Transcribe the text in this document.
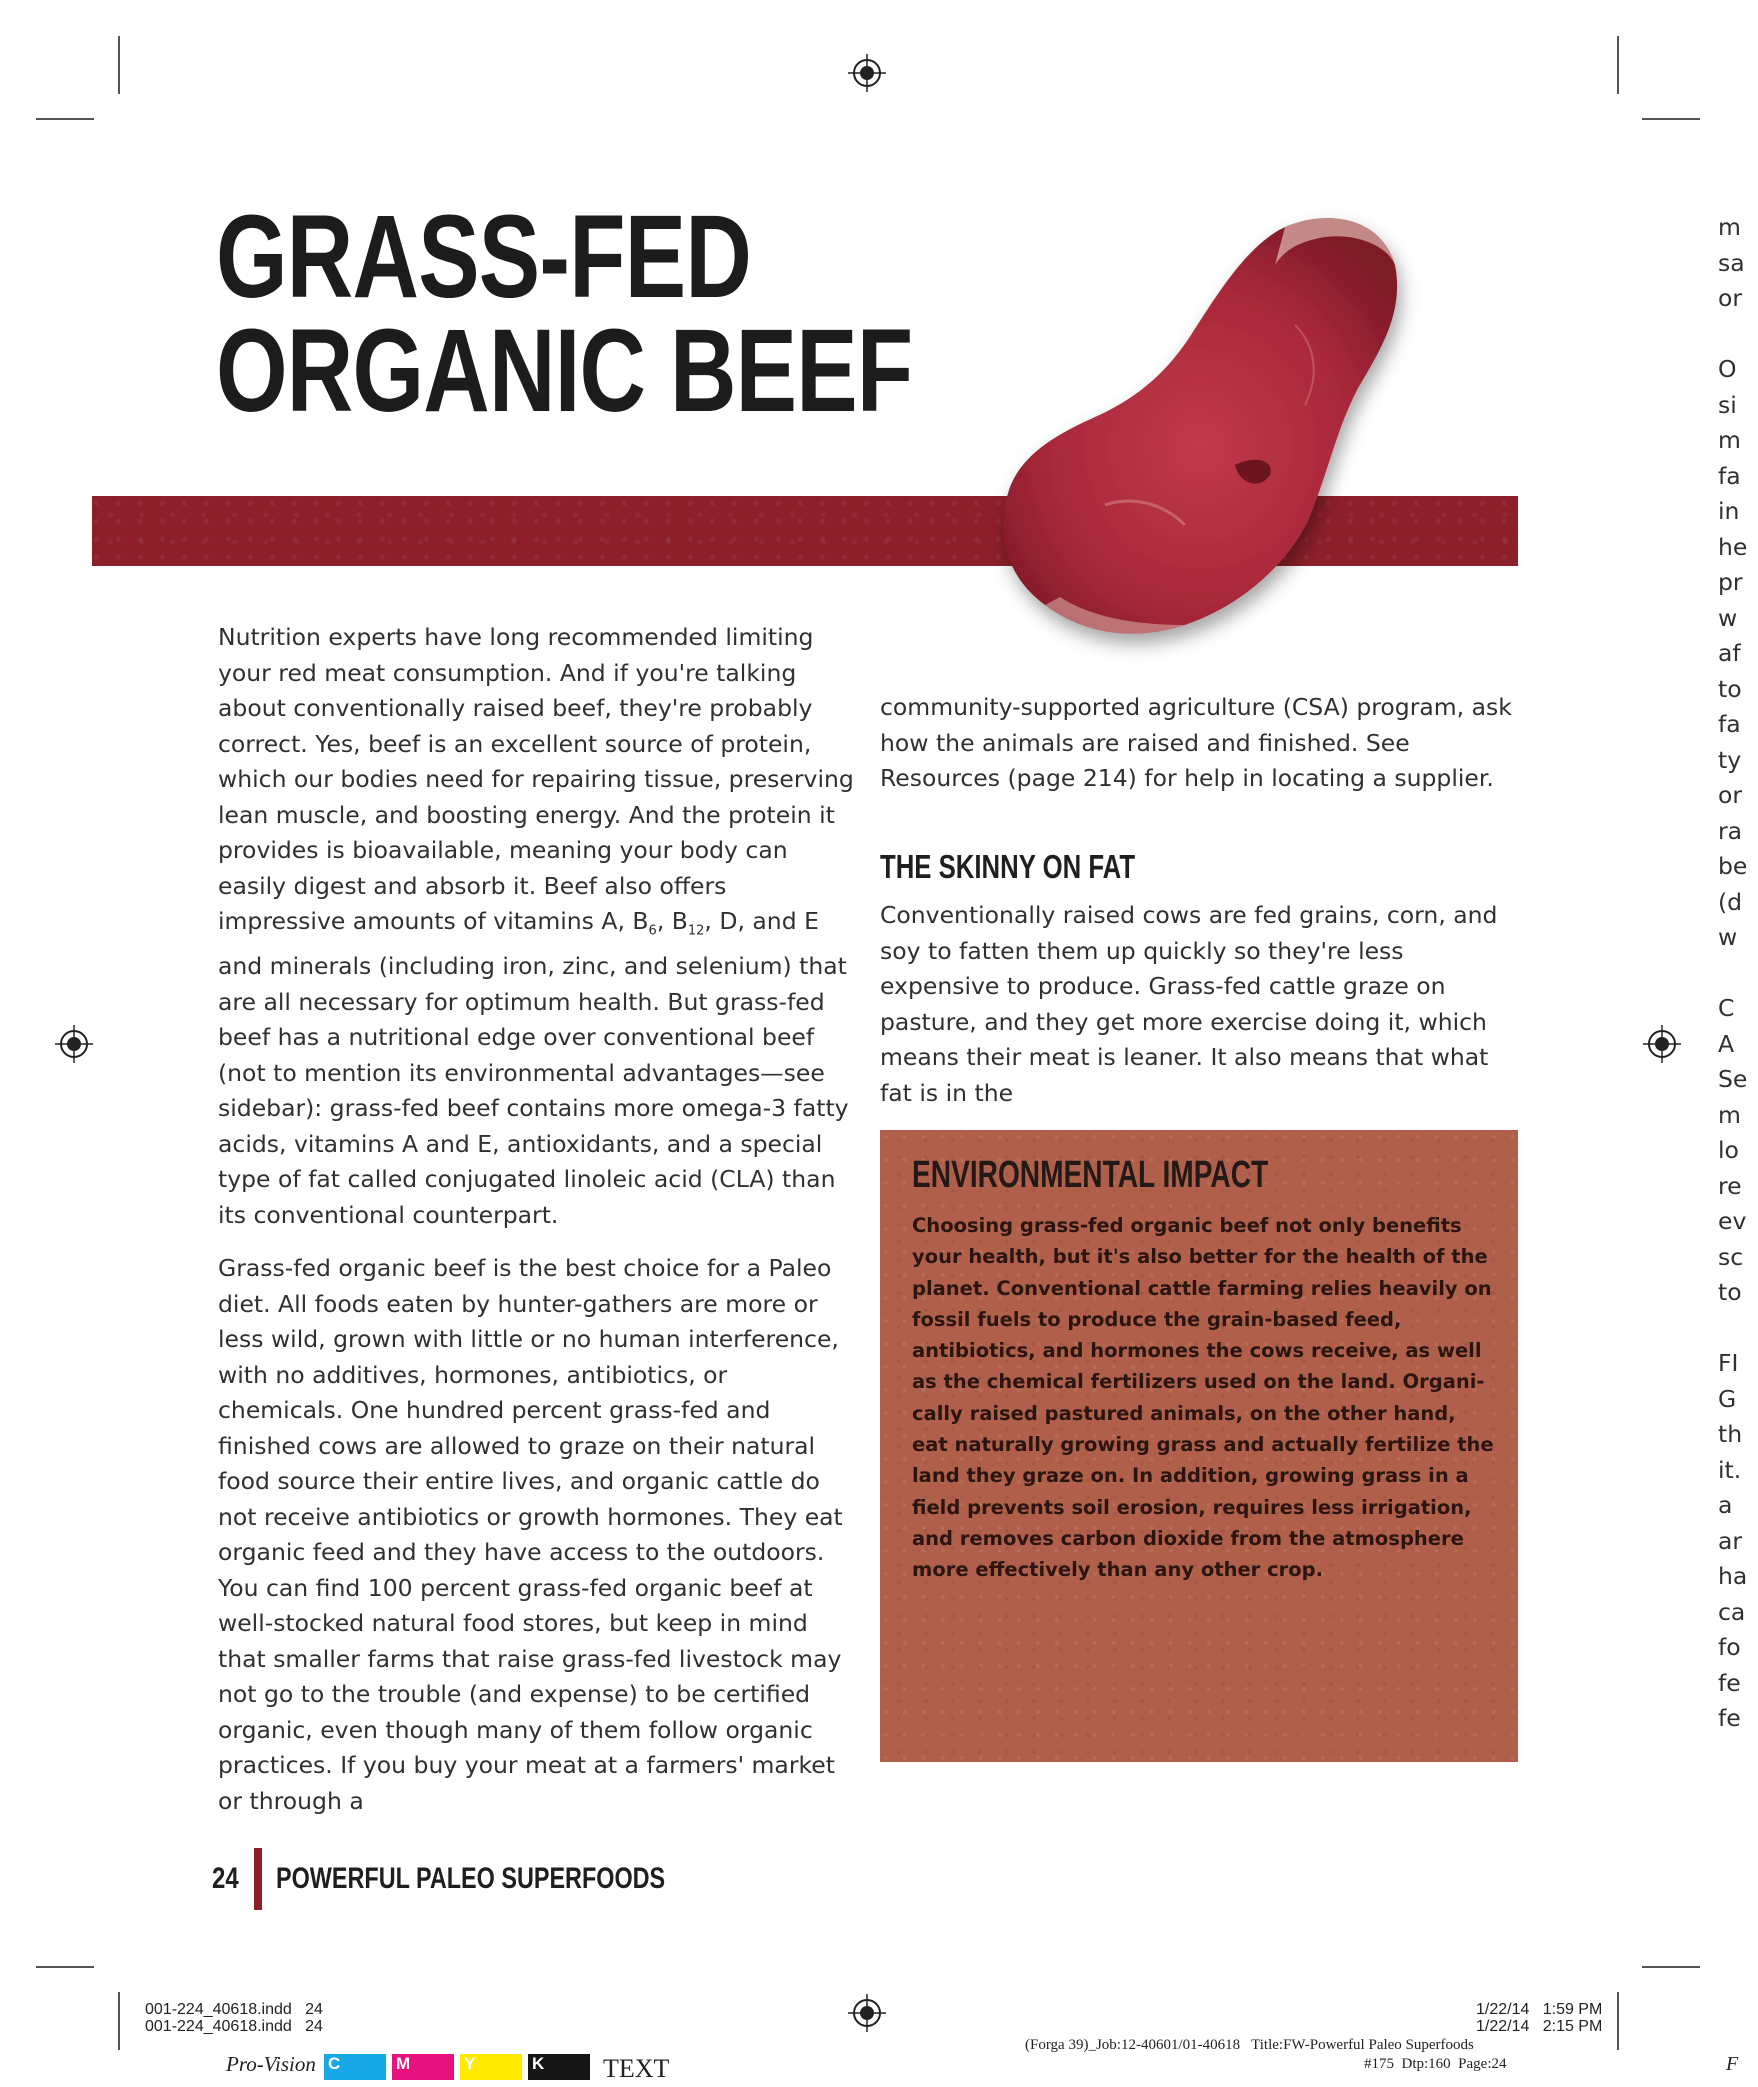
GRASS-FED
ORGANIC BEEF

Nutrition experts have long recommended limiting your red meat consumption. And if you're talking about conventionally raised beef, they're probably correct. Yes, beef is an excellent source of protein, which our bodies need for repairing tissue, preserving lean muscle, and boosting energy. And the protein it provides is bioavailable, meaning your body can easily digest and absorb it. Beef also offers impressive amounts of vitamins A, $B_6$, $B_{12}$, D, and E and minerals (including iron, zinc, and selenium) that are all necessary for optimum health. But grass-fed beef has a nutritional edge over conventional beef (not to mention its environmental advantages—see sidebar): grass-fed beef contains more omega-3 fatty acids, vitamins A and E, antioxidants, and a special type of fat called conjugated linoleic acid (CLA) than its conventional counterpart.

Grass-fed organic beef is the best choice for a Paleo diet. All foods eaten by hunter-gathers are more or less wild, grown with little or no human interference, with no additives, hormones, antibiotics, or chemicals. One hundred percent grass-fed and finished cows are allowed to graze on their natural food source their entire lives, and organic cattle do not receive antibiotics or growth hormones. They eat organic feed and they have access to the outdoors. You can find 100 percent grass-fed organic beef at well-stocked natural food stores, but keep in mind that smaller farms that raise grass-fed livestock may not go to the trouble (and expense) to be certified organic, even though many of them follow organic practices. If you buy your meat at a farmers' market or through a

community-supported agriculture (CSA) program, ask how the animals are raised and finished. See Resources (page 214) for help in locating a supplier.
THE SKINNY ON FAT
Conventionally raised cows are fed grains, corn, and soy to fatten them up quickly so they're less expensive to produce. Grass-fed cattle graze on pasture, and they get more exercise doing it, which means their meat is leaner. It also means that what fat is in the
ENVIRONMENTAL IMPACT

Choosing grass-fed organic beef not only benefits your health, but it's also better for the health of the planet. Conventional cattle farming relies heavily on fossil fuels to produce the grain-based feed, antibiotics, and hormones the cows receive, as well as the chemical fertilizers used on the land. Organi-cally raised pastured animals, on the other hand, eat naturally growing grass and actually fertilize the land they graze on. In addition, growing grass in a field prevents soil erosion, requires less irrigation, and removes carbon dioxide from the atmosphere more effectively than any other crop.

m
sa
or

O
si
m
fa
in
he
pr
w
af
to
fa
ty
or
ra
be
(d
w

C
A
Se
m
lo
re
ev
sc
to

FI
G
th
it.
a
ar
ha
ca
fo
fe
fe
24 POWERFUL PALEO SUPERFOODS
001-224_40618.indd   24
001-224_40618.indd   24
1/22/14   1:59 PM
1/22/14   2:15 PM
(Forga 39)_Job:12-40601/01-40618   Title:FW-Powerful Paleo Superfoods
#175  Dtp:160  Page:24
Pro-Vision C	M	Y	K TEXT	F
